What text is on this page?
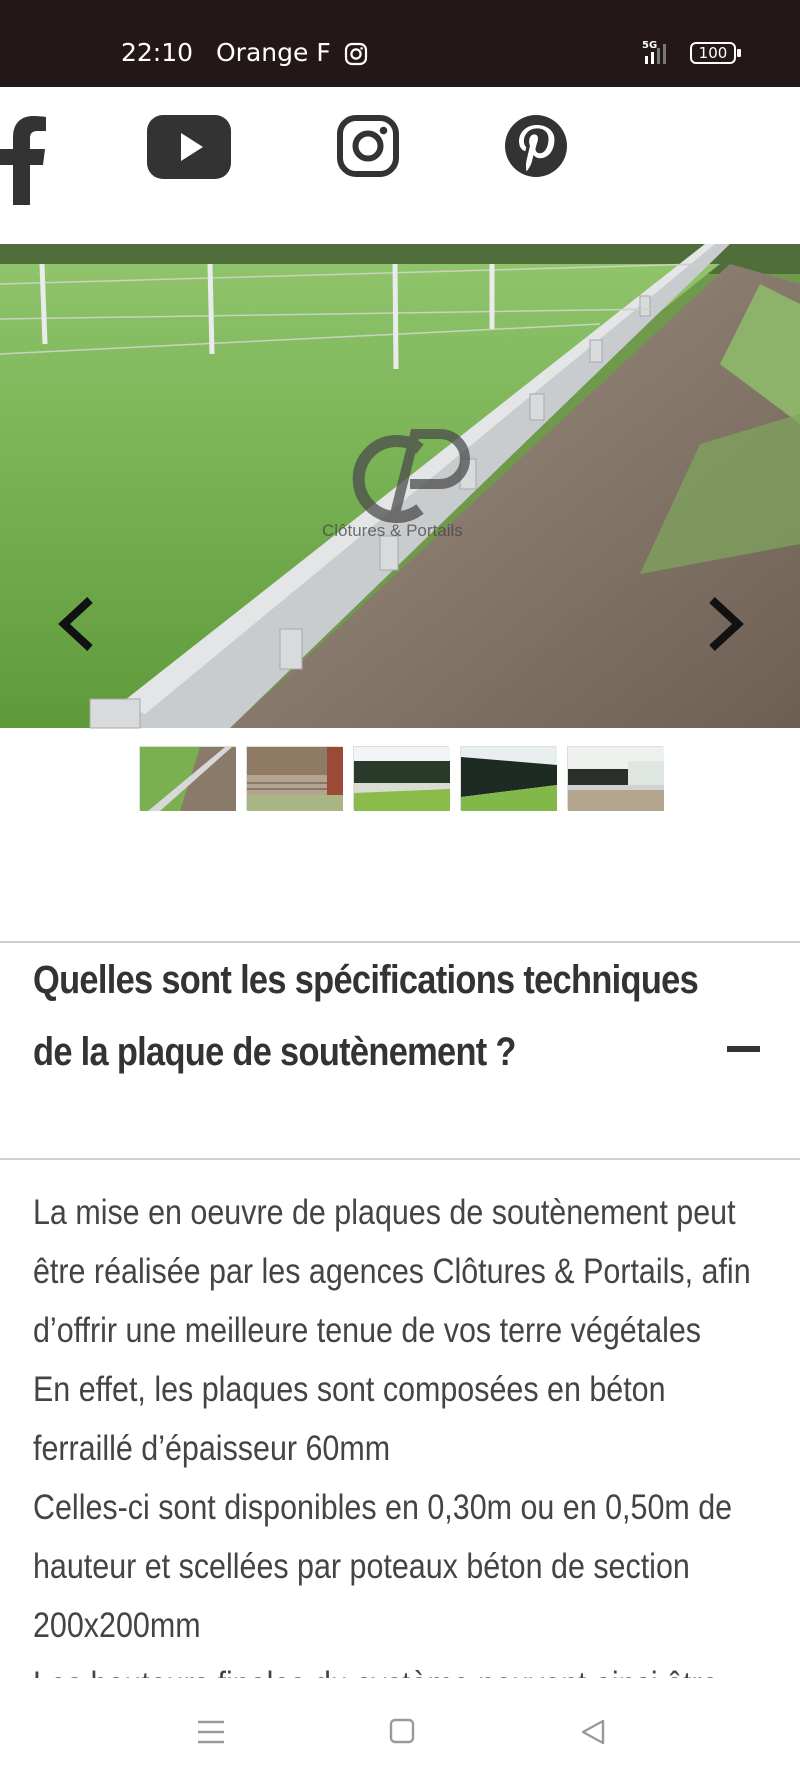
22:10 Orange F	5G	100
Clôtures & Portails
Quelles sont les spécifications techniques de la plaque de soutènement ?

La mise en oeuvre de plaques de soutènement peut

être réalisée par les agences Clôtures & Portails, afin

d’offrir une meilleure tenue de vos terre végétales

En effet, les plaques sont composées en béton

ferraillé d’épaisseur 60mm

Celles-ci sont disponibles en 0,30m ou en 0,50m de

hauteur et scellées par poteaux béton de section

200x200mm
